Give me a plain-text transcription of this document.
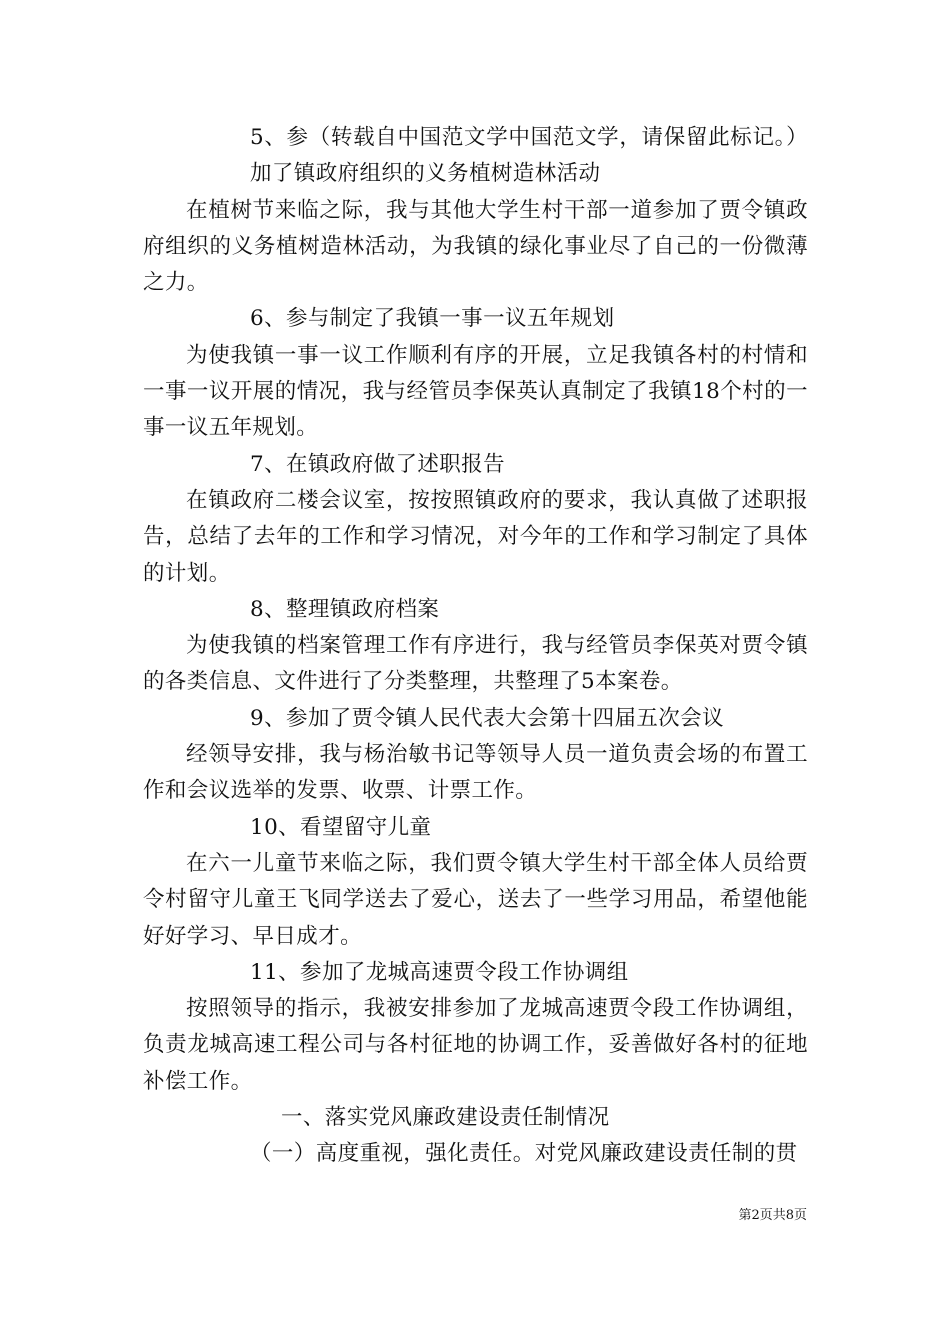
5、参（转载自中国范文学中国范文学，请保留此标记。）加了镇政府组织的义务植树造林活动

在植树节来临之际，我与其他大学生村干部一道参加了贾令镇政府组织的义务植树造林活动，为我镇的绿化事业尽了自己的一份微薄之力。

6、参与制定了我镇一事一议五年规划

为使我镇一事一议工作顺利有序的开展，立足我镇各村的村情和一事一议开展的情况，我与经管员李保英认真制定了我镇18个村的一事一议五年规划。

7、在镇政府做了述职报告

在镇政府二楼会议室，按按照镇政府的要求，我认真做了述职报告，总结了去年的工作和学习情况，对今年的工作和学习制定了具体的计划。

8、整理镇政府档案

为使我镇的档案管理工作有序进行，我与经管员李保英对贾令镇的各类信息、文件进行了分类整理，共整理了5本案卷。

9、参加了贾令镇人民代表大会第十四届五次会议

经领导安排，我与杨治敏书记等领导人员一道负责会场的布置工作和会议选举的发票、收票、计票工作。

10、看望留守儿童

在六一儿童节来临之际，我们贾令镇大学生村干部全体人员给贾令村留守儿童王飞同学送去了爱心，送去了一些学习用品，希望他能好好学习、早日成才。

11、参加了龙城高速贾令段工作协调组

按照领导的指示，我被安排参加了龙城高速贾令段工作协调组，负责龙城高速工程公司与各村征地的协调工作，妥善做好各村的征地补偿工作。

一、落实党风廉政建设责任制情况

（一）高度重视，强化责任。对党风廉政建设责任制的贯

第2页共8页
